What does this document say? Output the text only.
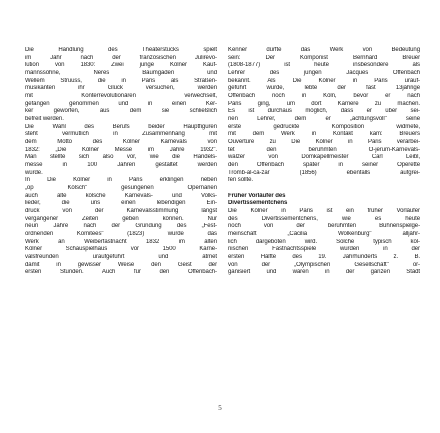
Die Handlung des Theaterstücks spielt
im Jahr nach der französischen Julirevo-
lution von 1830: Zwei junge Kölner Kauf-
mannssöhne, Neres Baumgaden und
Wellem Struuss, die in Paris als Straßen-
musikanten ihr Glück versuchen, werden
mit Konterrevolutionären verwechselt,
gefangen genommen und in einen Ker-
ker geworfen, aus dem sie schließlich
befreit werden.
Die Wahl des Berufs beider Hauptfiguren
steht vermutlich in Zusammenhang mit
dem Motto des Kölner Karnevals von
1832: „Die Kölner Messe im Jahre 1932".
Man stellte sich also vor, wie die Handels-
messe in 100 Jahren gestaltet werden
würde.
In Die Kölner in Paris erklingen neben
„op Kölsch" gesungenen Opernarien
auch alte kölsche Karnevals- und Volks-
lieder, die uns einen lebendigen Ein-
druck von der Karnevalsstimmung längst
vergangener Zeiten geben können. Nur
neun Jahre nach der Gründung des „Fest-
ordnenden Komitees" (1823) wurde das
Werk an Weiberfastnacht 1832 im alten
Kölner Schauspielhaus vor 1500 Karne-
valsfreunden uraufgeführt und atmet
damit in gewisser Weise den Geist der
ersten Stunden. Auch für den Offenbach-
Kenner dürfte das Werk von Bedeutung
sein: Der Komponist Bernhard Breuer
(1808-1877) ist heute insbesondere als
Lehrer des jungen Jacques Offenbach
bekannt. Als Die Kölner in Paris urauf-
geführt wurde, lebte der fast 13jährige
Offenbach noch in Köln, bevor er nach
Paris ging, um dort Karriere zu machen.
Es ist durchaus möglich, dass er über sei-
nen Lehrer, dem er „achtungsvoll" seine
erste gedruckte Komposition widmete,
mit dem Werk in Kontakt kam: Breuers
Ouvertüre zu Die Kölner in Paris verarbei-
tet den berühmten O-jerum-Karnevals-
walzer von Domkapellmeister Carl Leibl,
den Offenbach später in seiner Operette
Tromb-al-ca-zar (1856) ebenfalls aufgrei-
fen sollte.
Früher Vorläufer des
Divertissementchens
Die Kölner in Paris ist ein früher Vorläufer
des Divertissementchens, wie es heute
noch von der berühmten Bühnenspielge-
meinschaft „Cäcilia Wolkenburg" alljähr-
lich dargeboten wird. Solche typisch köl-
nischen Fastnachtsspiele wurden in der
ersten Hälfte des 19. Jahrhunderts z. B.
von der „Olympischen Gesellschaft" or-
ganisiert und waren in der ganzen Stadt
5
